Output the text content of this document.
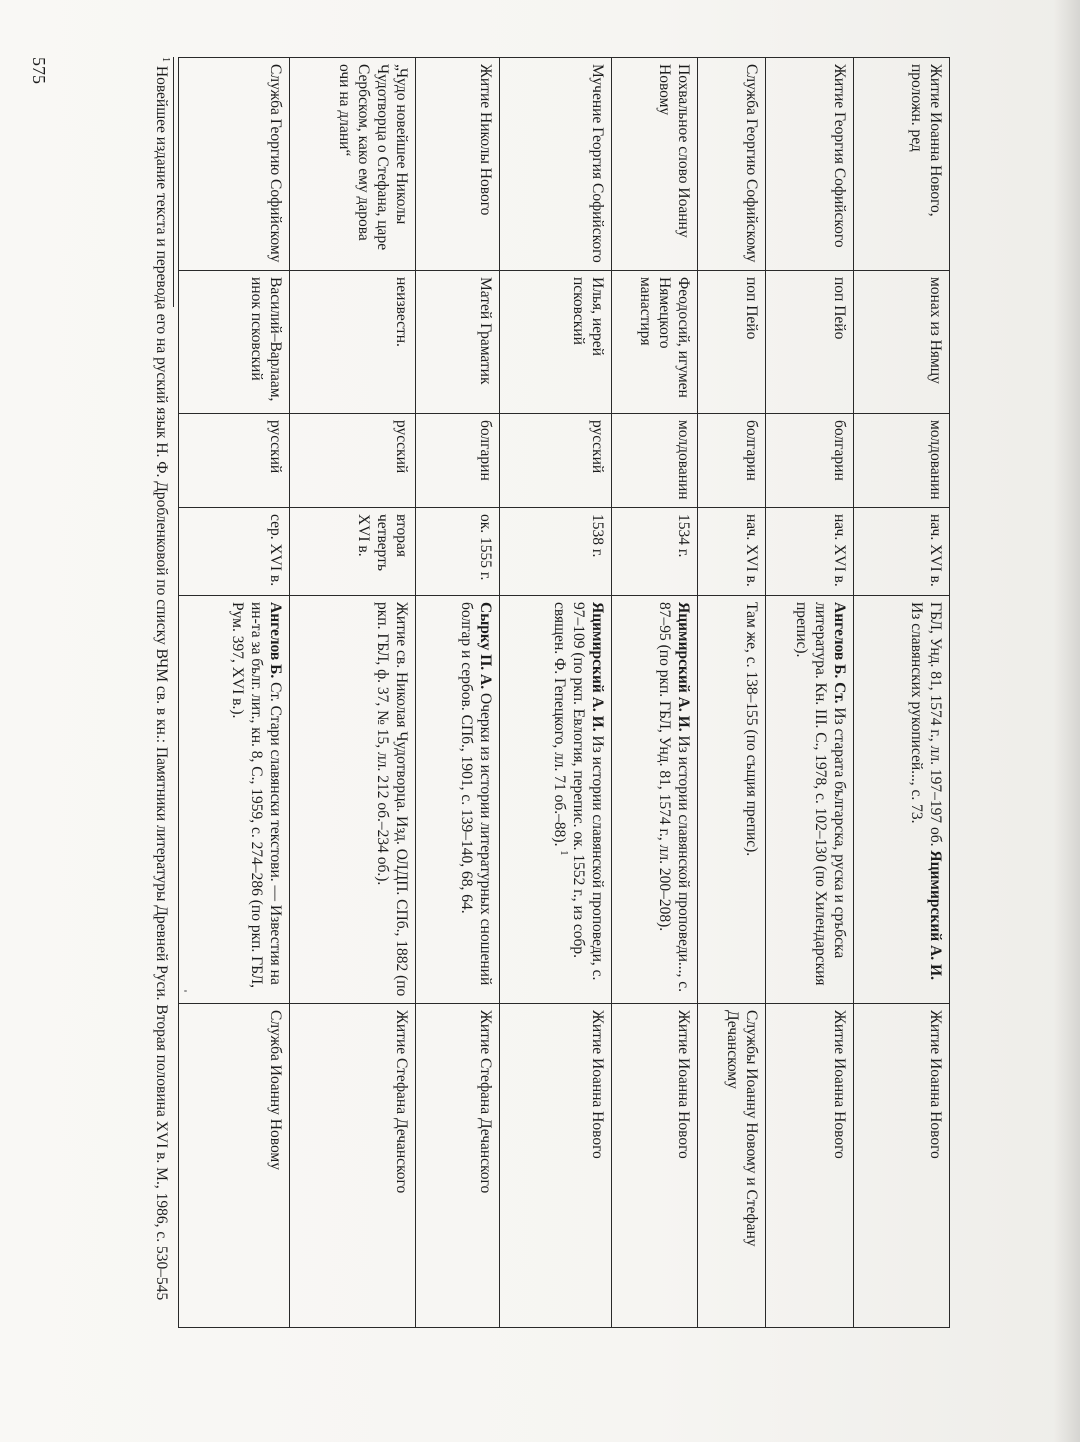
Житие Иоанна Нового, проложн. ред	монах из Нямцу	молдованин	нач. XVI в.	ГБЛ, Унд. 81, 1574 г., лл. 197–197 об. Яцимирский А. И. Из славянских рукописей..., с. 73.	Житие Иоанна Нового
Житие Георгия Софийского	поп Пейо	болгарин	нач. XVI в.	Ангелов Б. Ст. Из старата българска, руска и сръбска литература. Кн. III. С., 1978, с. 102–130 (по Хилендарския препис).	Житие Иоанна Нового
Служба Георгию Софийскому	поп Пейо	болгарин	нач. XVI в.	Там же, с. 138–155 (по същия препис).	Службы Иоанну Новому и Стефану Дечанскому
Похвальное слово Иоанну Новому	Феодосий, игумен Нямецкого манастиря	молдованин	1534 г.	Яцимирский А. И. Из истории славянской проповеди..., с. 87–95 (по ркп. ГБЛ, Унд. 81, 1574 г., лл. 200–208).	Житие Иоанна Нового
Мучение Георгия Софийского	Илья, иерей псковский	русский	1538 г.	Яцимирский А. И. Из истории славянской проповеди, с. 97–109 (по ркп. Евлогия, перепис. ок. 1552 г., из собр. священ. Ф. Гепецкого, лл. 71 об.–88). $^1$	Житие Иоанна Нового
Житие Николы Нового	Матей Граматик	болгарин	ок. 1555 г.	Сырку П. А. Очерки из истории литературных сношений болгар и сербов. СПб., 1901, с. 139–140, 68, 64.	Житие Стефана Дечанского
„Чудо новейшее Николы Чудотворца о Стефана, царе Сербском, како ему дарова очи на длани“	неизвестн.	русский	вторая четверть XVI в.	Житие св. Николая Чудотворца. Изд. ОЛДП. СПб., 1882 (по ркп. ГБЛ, ф. 37, № 15, лл. 212 об.–234 об.).	Житие Стефана Дечанского
Служба Георгию Софийскому	Василий–Варлаам, инок псковский	русский	сер. XVI в.	Ангелов Б. Ст. Стари славянски текстови. — Известия на ин-та за бълг. лит., кн. 8, С., 1959, с. 274–286 (по ркп. ГБЛ, Рум. 397, XVI в.).	Служба Иоанну Новому
$^1$ Новейшее издание текста и перевода его на руский язык Н. Ф. Дробленковой по списку ВЧМ св. в кн.: Памятники литературы Древней Руси. Вторая половина XVI в. М., 1986, с. 530–545
575
